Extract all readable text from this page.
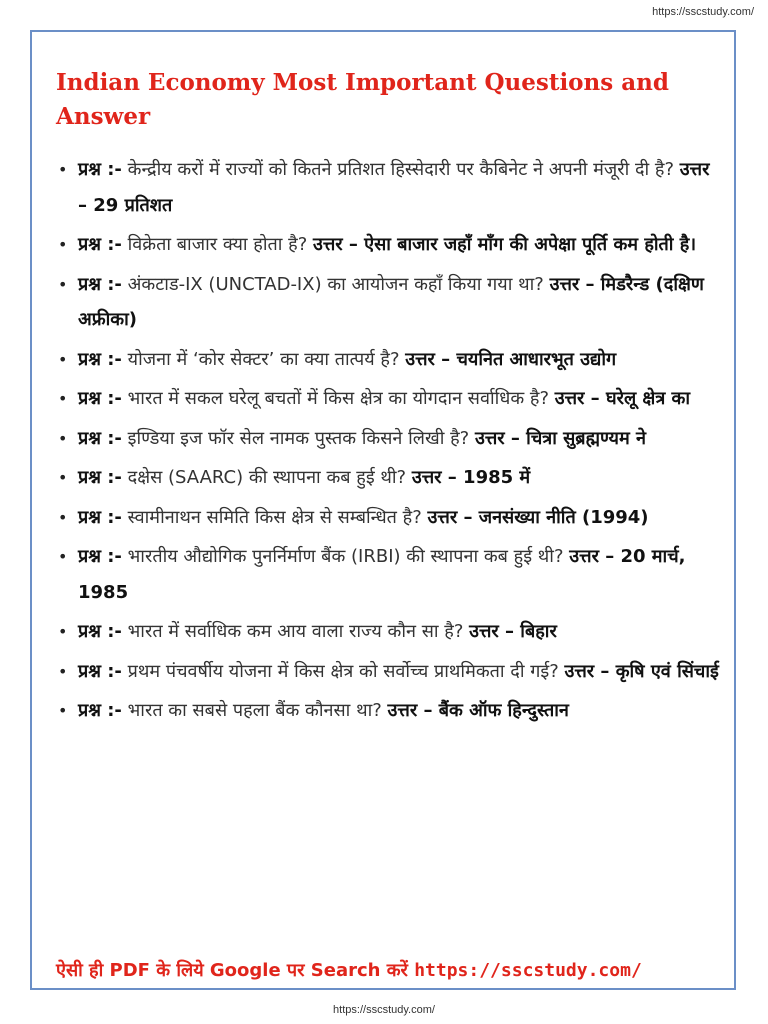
https://sscstudy.com/
Indian Economy Most Important Questions and Answer
• प्रश्न :- केन्द्रीय करों में राज्यों को कितने प्रतिशत हिस्सेदारी पर कैबिनेट ने अपनी मंजूरी दी है? उत्तर – 29 प्रतिशत
• प्रश्न :- विक्रेता बाजार क्या होता है? उत्तर – ऐसा बाजार जहाँ माँग की अपेक्षा पूर्ति कम होती है।
• प्रश्न :- अंकटाड-IX (UNCTAD-IX) का आयोजन कहाँ किया गया था? उत्तर – मिडरैन्ड (दक्षिण अफ्रीका)
• प्रश्न :- योजना में ‘कोर सेक्टर’ का क्या तात्पर्य है? उत्तर – चयनित आधारभूत उद्योग
• प्रश्न :- भारत में सकल घरेलू बचतों में किस क्षेत्र का योगदान सर्वाधिक है? उत्तर – घरेलू क्षेत्र का
• प्रश्न :- इण्डिया इज फॉर सेल नामक पुस्तक किसने लिखी है? उत्तर – चित्रा सुब्रह्मण्यम ने
• प्रश्न :- दक्षेस (SAARC) की स्थापना कब हुई थी? उत्तर – 1985 में
• प्रश्न :- स्वामीनाथन समिति किस क्षेत्र से सम्बन्धित है? उत्तर – जनसंख्या नीति (1994)
• प्रश्न :- भारतीय औद्योगिक पुनर्निर्माण बैंक (IRBI) की स्थापना कब हुई थी? उत्तर – 20 मार्च, 1985
• प्रश्न :- भारत में सर्वाधिक कम आय वाला राज्य कौन सा है? उत्तर – बिहार
• प्रश्न :- प्रथम पंचवर्षीय योजना में किस क्षेत्र को सर्वोच्च प्राथमिकता दी गई? उत्तर – कृषि एवं सिंचाई
• प्रश्न :- भारत का सबसे पहला बैंक कौनसा था? उत्तर – बैंक ऑफ हिन्दुस्तान
ऐसी ही PDF के लिये Google पर Search करें https://sscstudy.com/
https://sscstudy.com/
